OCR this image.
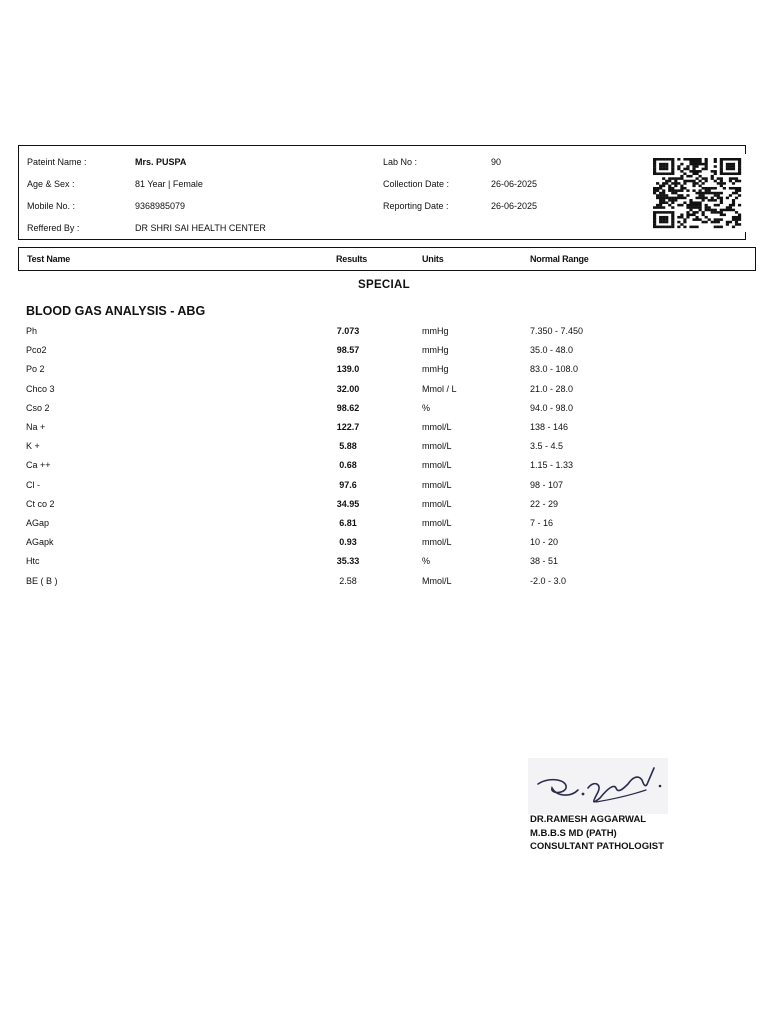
Pateint Name :	Mrs. PUSPA
Age & Sex :	81 Year | Female
Mobile No. :	9368985079
Reffered By :	DR SHRI SAI HEALTH CENTER
Lab No :	90
Collection Date :	26-06-2025
Reporting Date :	26-06-2025
Test Name	Results	Units	Normal Range
SPECIAL
BLOOD GAS ANALYSIS - ABG
Ph	7.073	mmHg	7.350 - 7.450
Pco2	98.57	mmHg	35.0 - 48.0
Po 2	139.0	mmHg	83.0 - 108.0
Chco 3	32.00	Mmol / L	21.0 - 28.0
Cso 2	98.62	%	94.0 - 98.0
Na +	122.7	mmol/L	138 - 146
K +	5.88	mmol/L	3.5 - 4.5
Ca ++	0.68	mmol/L	1.15 - 1.33
Cl -	97.6	mmol/L	98 - 107
Ct co 2	34.95	mmol/L	22 - 29
AGap	6.81	mmol/L	7 - 16
AGapk	0.93	mmol/L	10 - 20
Htc	35.33	%	38 - 51
BE ( B )	2.58	Mmol/L	-2.0 - 3.0
DR.RAMESH AGGARWAL
M.B.B.S MD (PATH)
CONSULTANT PATHOLOGIST
